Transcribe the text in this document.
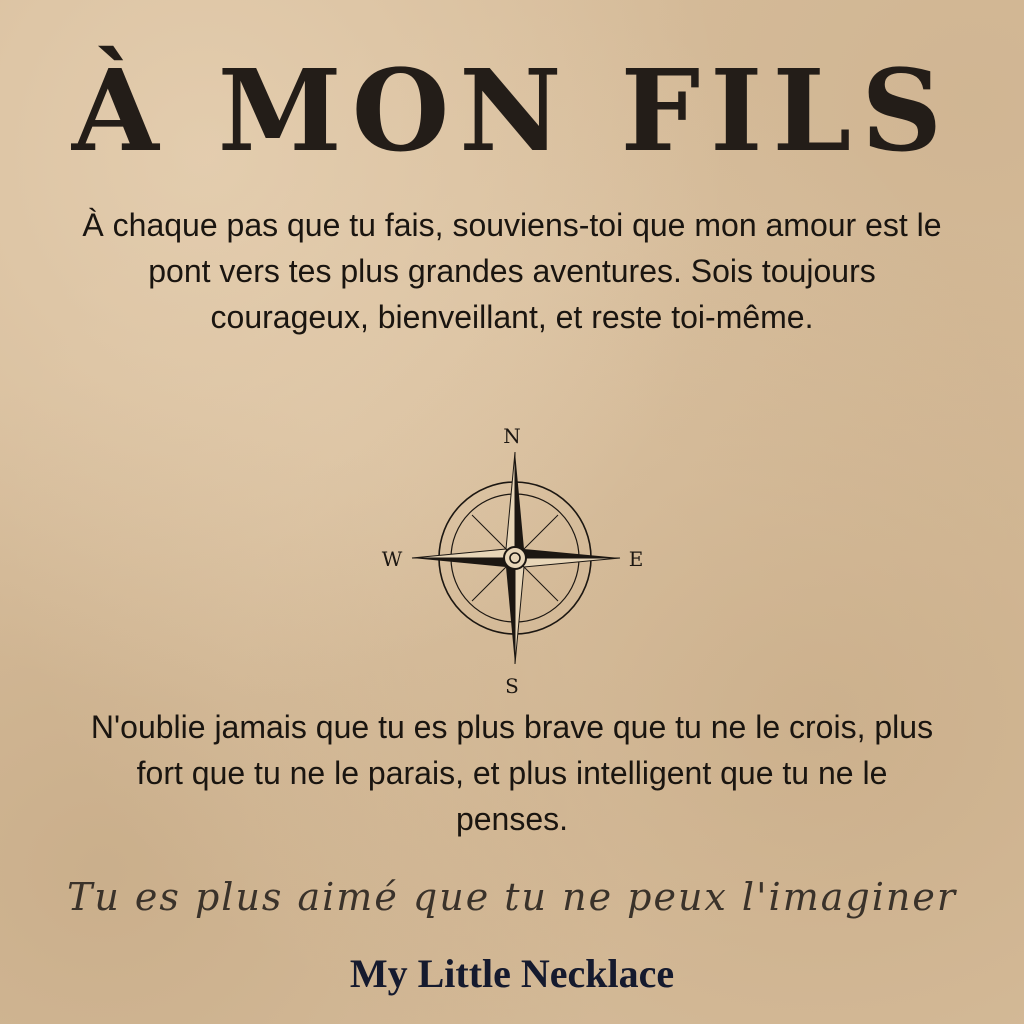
À MON FILS
À chaque pas que tu fais, souviens-toi que mon amour est le pont vers tes plus grandes aventures. Sois toujours courageux, bienveillant, et reste toi-même.
N
S
W	E
N'oublie jamais que tu es plus brave que tu ne le crois, plus fort que tu ne le parais, et plus intelligent que tu ne le penses.
Tu es plus aimé que tu ne peux l'imaginer
My Little Necklace
